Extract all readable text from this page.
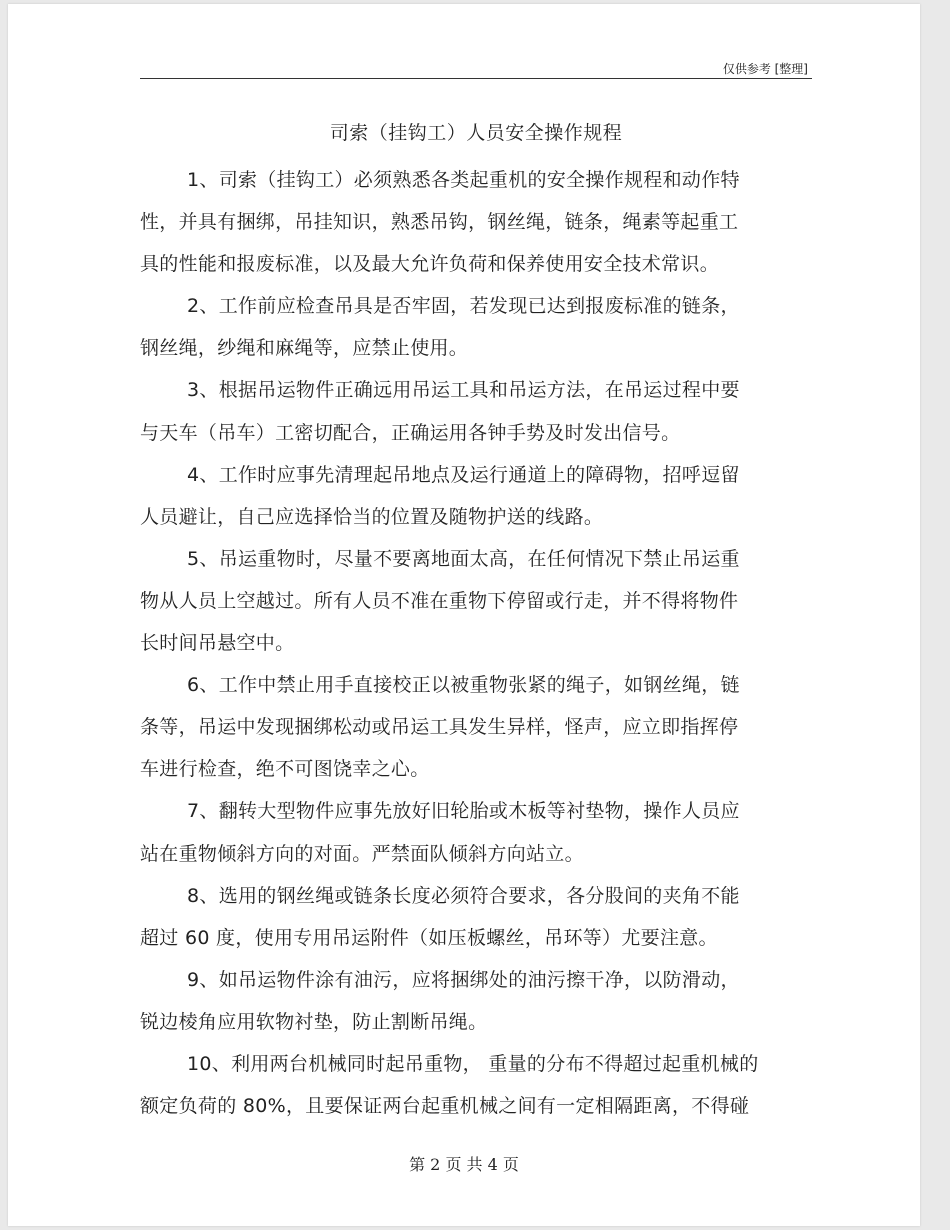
仅供参考 [整理]
司索（挂钩工）人员安全操作规程
1、司索（挂钩工）必须熟悉各类起重机的安全操作规程和动作特
性，并具有捆绑，吊挂知识，熟悉吊钩，钢丝绳，链条，绳素等起重工
具的性能和报废标准，以及最大允许负荷和保养使用安全技术常识。
2、工作前应检查吊具是否牢固，若发现已达到报废标准的链条，
钢丝绳，纱绳和麻绳等，应禁止使用。
3、根据吊运物件正确远用吊运工具和吊运方法，在吊运过程中要
与天车（吊车）工密切配合，正确运用各钟手势及时发出信号。
4、工作时应事先清理起吊地点及运行通道上的障碍物，招呼逗留
人员避让，自己应选择恰当的位置及随物护送的线路。
5、吊运重物时，尽量不要离地面太高，在任何情况下禁止吊运重
物从人员上空越过。所有人员不准在重物下停留或行走，并不得将物件
长时间吊悬空中。
6、工作中禁止用手直接校正以被重物张紧的绳子，如钢丝绳，链
条等，吊运中发现捆绑松动或吊运工具发生异样，怪声，应立即指挥停
车进行检查，绝不可图饶幸之心。
7、翻转大型物件应事先放好旧轮胎或木板等衬垫物，操作人员应
站在重物倾斜方向的对面。严禁面队倾斜方向站立。
8、选用的钢丝绳或链条长度必须符合要求，各分股间的夹角不能
超过 60 度，使用专用吊运附件（如压板螺丝，吊环等）尤要注意。
9、如吊运物件涂有油污，应将捆绑处的油污擦干净，以防滑动，
锐边棱角应用软物衬垫，防止割断吊绳。
10、利用两台机械同时起吊重物， 重量的分布不得超过起重机械的
额定负荷的 80%，且要保证两台起重机械之间有一定相隔距离，不得碰
第 2 页 共 4 页
